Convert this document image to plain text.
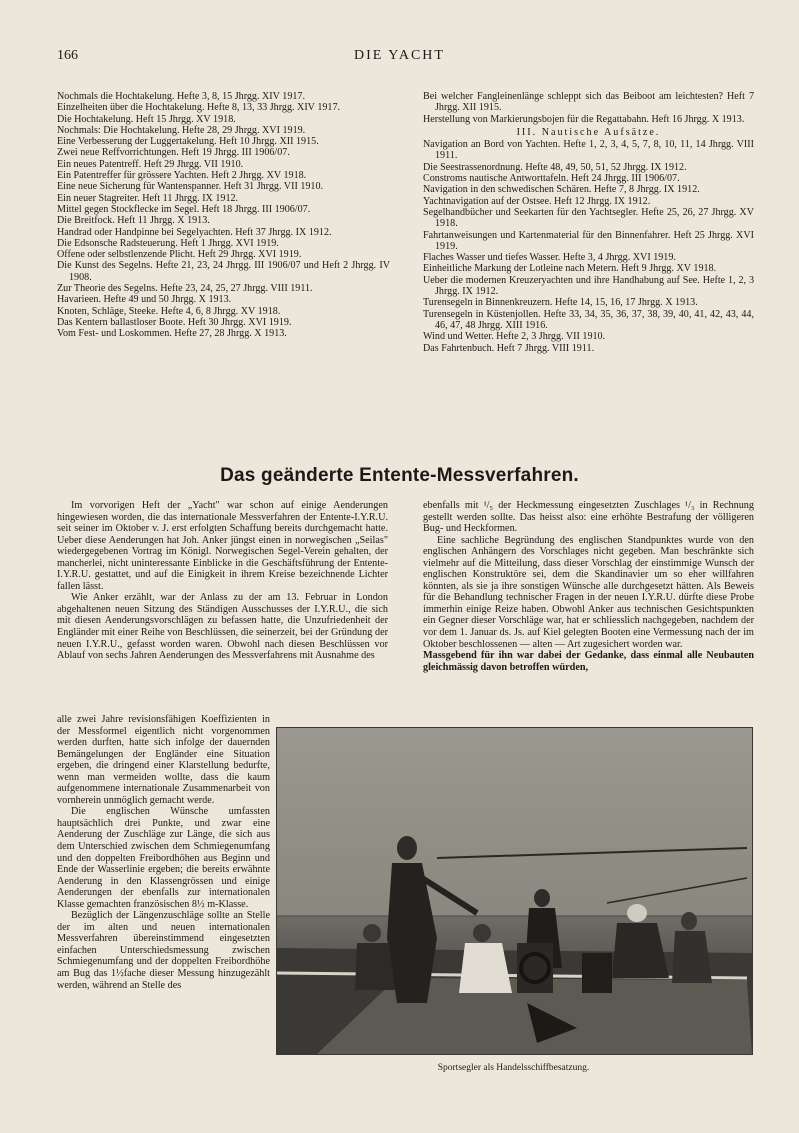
166	DIE YACHT
Nochmals die Hochtakelung. Hefte 3, 8, 15 Jhrgg. XIV 1917.
Einzelheiten über die Hochtakelung. Hefte 8, 13, 33 Jhrgg. XIV 1917.
Die Hochtakelung. Heft 15 Jhrgg. XV 1918.
Nochmals: Die Hochtakelung. Hefte 28, 29 Jhrgg. XVI 1919.
Eine Verbesserung der Luggertakelung. Heft 10 Jhrgg. XII 1915.
Zwei neue Reffvorrichtungen. Heft 19 Jhrgg. III 1906/07.
Ein neues Patentreff. Heft 29 Jhrgg. VII 1910.
Ein Patentreffer für grössere Yachten. Heft 2 Jhrgg. XV 1918.
Eine neue Sicherung für Wantenspanner. Heft 31 Jhrgg. VII 1910.
Ein neuer Stagreiter. Heft 11 Jhrgg. IX 1912.
Mittel gegen Stockflecke im Segel. Heft 18 Jhrgg. III 1906/07.
Die Breitfock. Heft 11 Jhrgg. X 1913.
Handrad oder Handpinne bei Segelyachten. Heft 37 Jhrgg. IX 1912.
Die Edsonsche Radsteuerung. Heft 1 Jhrgg. XVI 1919.
Offene oder selbstlenzende Plicht. Heft 29 Jhrgg. XVI 1919.
Die Kunst des Segelns. Hefte 21, 23, 24 Jhrgg. III 1906/07 und Heft 2 Jhrgg. IV 1908.
Zur Theorie des Segelns. Hefte 23, 24, 25, 27 Jhrgg. VIII 1911.
Havarieen. Hefte 49 und 50 Jhrgg. X 1913.
Knoten, Schläge, Steeke. Hefte 4, 6, 8 Jhrgg. XV 1918.
Das Kentern ballastloser Boote. Heft 30 Jhrgg. XVI 1919.
Vom Fest- und Loskommen. Hefte 27, 28 Jhrgg. X 1913.
Bei welcher Fangleinenlänge schleppt sich das Beiboot am leichtesten? Heft 7 Jhrgg. XII 1915.
Herstellung von Markierungsbojen für die Regattabahn. Heft 16 Jhrgg. X 1913.
III. Nautische Aufsätze.
Navigation an Bord von Yachten. Hefte 1, 2, 3, 4, 5, 7, 8, 10, 11, 14 Jhrgg. VIII 1911.
Die Seestrassenordnung. Hefte 48, 49, 50, 51, 52 Jhrgg. IX 1912.
Constroms nautische Antworttafeln. Heft 24 Jhrgg. III 1906/07.
Navigation in den schwedischen Schären. Hefte 7, 8 Jhrgg. IX 1912.
Yachtnavigation auf der Ostsee. Heft 12 Jhrgg. IX 1912.
Segelhandbücher und Seekarten für den Yachtsegler. Hefte 25, 26, 27 Jhrgg. XV 1918.
Fahrtanweisungen und Kartenmaterial für den Binnenfahrer. Heft 25 Jhrgg. XVI 1919.
Flaches Wasser und tiefes Wasser. Hefte 3, 4 Jhrgg. XVI 1919.
Einheitliche Markung der Lotleine nach Metern. Heft 9 Jhrgg. XV 1918.
Ueber die modernen Kreuzeryachten und ihre Handhabung auf See. Hefte 1, 2, 3 Jhrgg. IX 1912.
Turensegeln in Binnenkreuzern. Hefte 14, 15, 16, 17 Jhrgg. X 1913.
Turensegeln in Küstenjollen. Hefte 33, 34, 35, 36, 37, 38, 39, 40, 41, 42, 43, 44, 46, 47, 48 Jhrgg. XIII 1916.
Wind und Wetter. Hefte 2, 3 Jhrgg. VII 1910.
Das Fahrtenbuch. Heft 7 Jhrgg. VIII 1911.
Das geänderte Entente-Messverfahren.

Im vorvorigen Heft der „Yacht" war schon auf einige Aenderungen hingewiesen worden, die das internationale Messverfahren der Entente-I.Y.R.U. seit seiner im Oktober v. J. erst erfolgten Schaffung bereits durchgemacht hatte. Ueber diese Aenderungen hat Joh. Anker jüngst einen in norwegischen „Seilas" wiedergegebenen Vortrag im Königl. Norwegischen Segel-Verein gehalten, der mancherlei, nicht uninteressante Einblicke in die Geschäftsführung der Entente-I.Y.R.U. gestattet, und auf die Einigkeit in ihrem Kreise bezeichnende Lichter fallen lässt.

Wie Anker erzählt, war der Anlass zu der am 13. Februar in London abgehaltenen neuen Sitzung des Ständigen Ausschusses der I.Y.R.U., die sich mit diesen Aenderungsvorschlägen zu befassen hatte, die Unzufriedenheit der Engländer mit einer Reihe von Beschlüssen, die seinerzeit, bei der Gründung der neuen I.Y.R.U., gefasst worden waren. Obwohl nach diesen Beschlüssen vor Ablauf von sechs Jahren Aenderungen des Messverfahrens mit Ausnahme des

alle zwei Jahre revisionsfähigen Koeffizienten in der Messformel eigentlich nicht vorgenommen werden durften, hatte sich infolge der dauernden Bemängelungen der Engländer eine Situation ergeben, die dringend einer Klarstellung bedurfte, wenn man vermeiden wollte, dass die kaum aufgenommene internationale Zusammenarbeit von vornherein unmöglich gemacht werde.

Die englischen Wünsche umfassten hauptsächlich drei Punkte, und zwar eine Aenderung der Zuschläge zur Länge, die sich aus dem Unterschied zwischen dem Schmiegenumfang und den doppelten Freibordhöhen aus Beginn und Ende der Wasserlinie ergeben; die bereits erwähnte Aenderung in den Klassengrössen und einige Aenderungen der ebenfalls zur internationalen Klasse gemachten französischen 8½ m-Klasse.

Bezüglich der Längenzuschläge sollte an Stelle der im alten und neuen internationalen Messverfahren übereinstimmend eingesetzten einfachen Unterschiedsmessung zwischen Schmiegenumfang und der doppelten Freibordhöhe am Bug das 1½fache dieser Messung hinzugezählt werden, während an Stelle des

ebenfalls mit ¹/₅ der Heckmessung eingesetzten Zuschlages ¹/₃ in Rechnung gestellt werden sollte. Das heisst also: eine erhöhte Bestrafung der völligeren Bug- und Heckformen.

Eine sachliche Begründung des englischen Standpunktes wurde von den englischen Anhängern des Vorschlages nicht gegeben. Man beschränkte sich vielmehr auf die Mitteilung, dass dieser Vorschlag der einstimmige Wunsch der englischen Konstruktöre sei, dem die Skandinavier um so eher willfahren könnten, als sie ja ihre sonstigen Wünsche alle durchgesetzt hätten. Als Beweis für die Behandlung technischer Fragen in der neuen I.Y.R.U. dürfte diese Probe immerhin einige Reize haben. Obwohl Anker aus technischen Gesichtspunkten ein Gegner dieser Vorschläge war, hat er schliesslich nachgegeben, nachdem der vor dem 1. Januar ds. Js. auf Kiel gelegten Booten eine Vermessung nach der im Oktober beschlossenen — alten — Art zugesichert worden war.

Massgebend für ihn war dabei der Gedanke, dass einmal alle Neubauten gleichmässig davon betroffen würden,

Sportsegler als Handelsschiffbesatzung.
